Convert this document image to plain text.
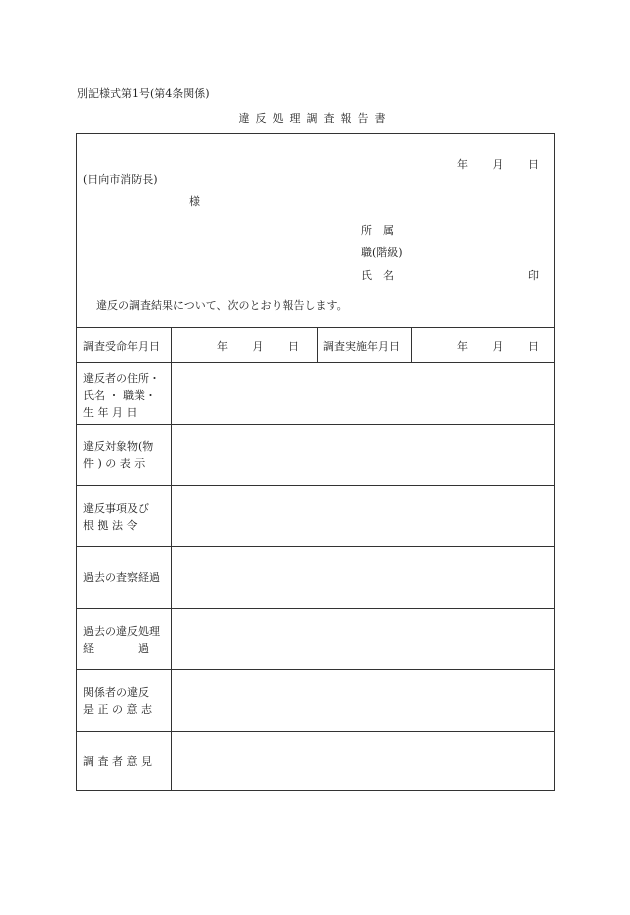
別記様式第1号(第4条関係)
違反処理調査報告書
年 月 日
(日向市消防長)
様
所　属
職(階級)
氏　名	印
違反の調査結果について、次のとおり報告します。
調査受命年月日	年 月 日 調査実施年月日	年 月 日
違反者の住所・
氏名 ・ 職業・
生 年 月 日
違反対象物(物
件 ) の 表 示
違反事項及び
根 拠 法 令
過去の査察経過
過去の違反処理
経　　　　過
関係者の違反
是 正 の 意 志
調 査 者 意 見
